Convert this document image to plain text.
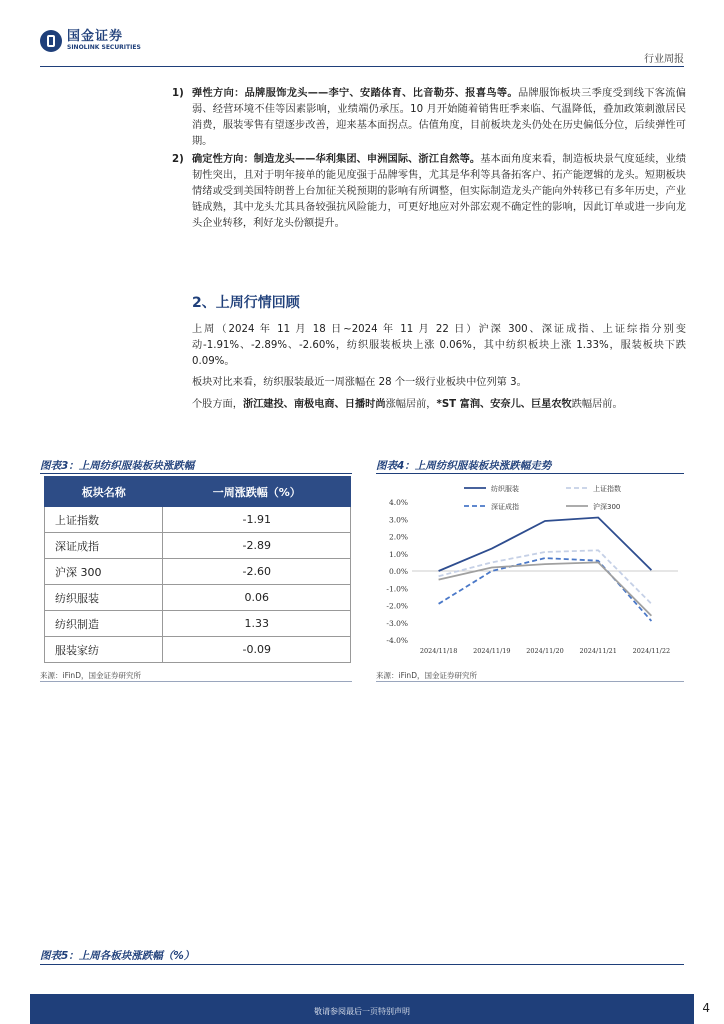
国金证券
SINOLINK SECURITIES
行业周报
1) 弹性方向：品牌服饰龙头——李宁、安踏体育、比音勒芬、报喜鸟等。品牌服饰板块三季度受到线下客流偏弱、经营环境不佳等因素影响，业绩端仍承压。10 月开始随着销售旺季来临、气温降低，叠加政策刺激居民消费，服装零售有望逐步改善，迎来基本面拐点。估值角度，目前板块龙头仍处在历史偏低分位，后续弹性可期。
2) 确定性方向：制造龙头——华利集团、申洲国际、浙江自然等。基本面角度来看，制造板块景气度延续，业绩韧性突出，且对于明年接单的能见度强于品牌零售，尤其是华利等具备拓客户、拓产能逻辑的龙头。短期板块情绪或受到美国特朗普上台加征关税预期的影响有所调整，但实际制造龙头产能向外转移已有多年历史，产业链成熟，其中龙头尤其具备较强抗风险能力，可更好地应对外部宏观不确定性的影响，因此订单或进一步向龙头企业转移，利好龙头份额提升。
2、上周行情回顾
上周（2024 年 11 月 18 日~2024 年 11 月 22 日）沪深 300、深证成指、上证综指分别变动-1.91%、-2.89%、-2.60%，纺织服装板块上涨 0.06%，其中纺织板块上涨 1.33%，服装板块下跌 0.09%。
板块对比来看，纺织服装最近一周涨幅在 28 个一级行业板块中位列第 3。
个股方面，浙江建投、南极电商、日播时尚涨幅居前，*ST 富润、安奈儿、巨星农牧跌幅居前。
图表3：上周纺织服装板块涨跌幅	图表4：上周纺织服装板块涨跌幅走势
板块名称	一周涨跌幅（%）
上证指数	-1.91
深证成指	-2.89
沪深 300	-2.60
纺织服装	0.06
纺织制造	1.33
服装家纺	-0.09
4.0%
3.0%
2.0%
1.0%
0.0%
-1.0%
-2.0%
-3.0%
-4.0%
2024/11/18 2024/11/19 2024/11/20 2024/11/21 2024/11/22
纺织服装	上证指数
深证成指	沪深300
来源：iFinD，国金证券研究所	来源：iFinD，国金证券研究所
图表5：上周各板块涨跌幅（%）
敬请参阅最后一页特别声明	4
